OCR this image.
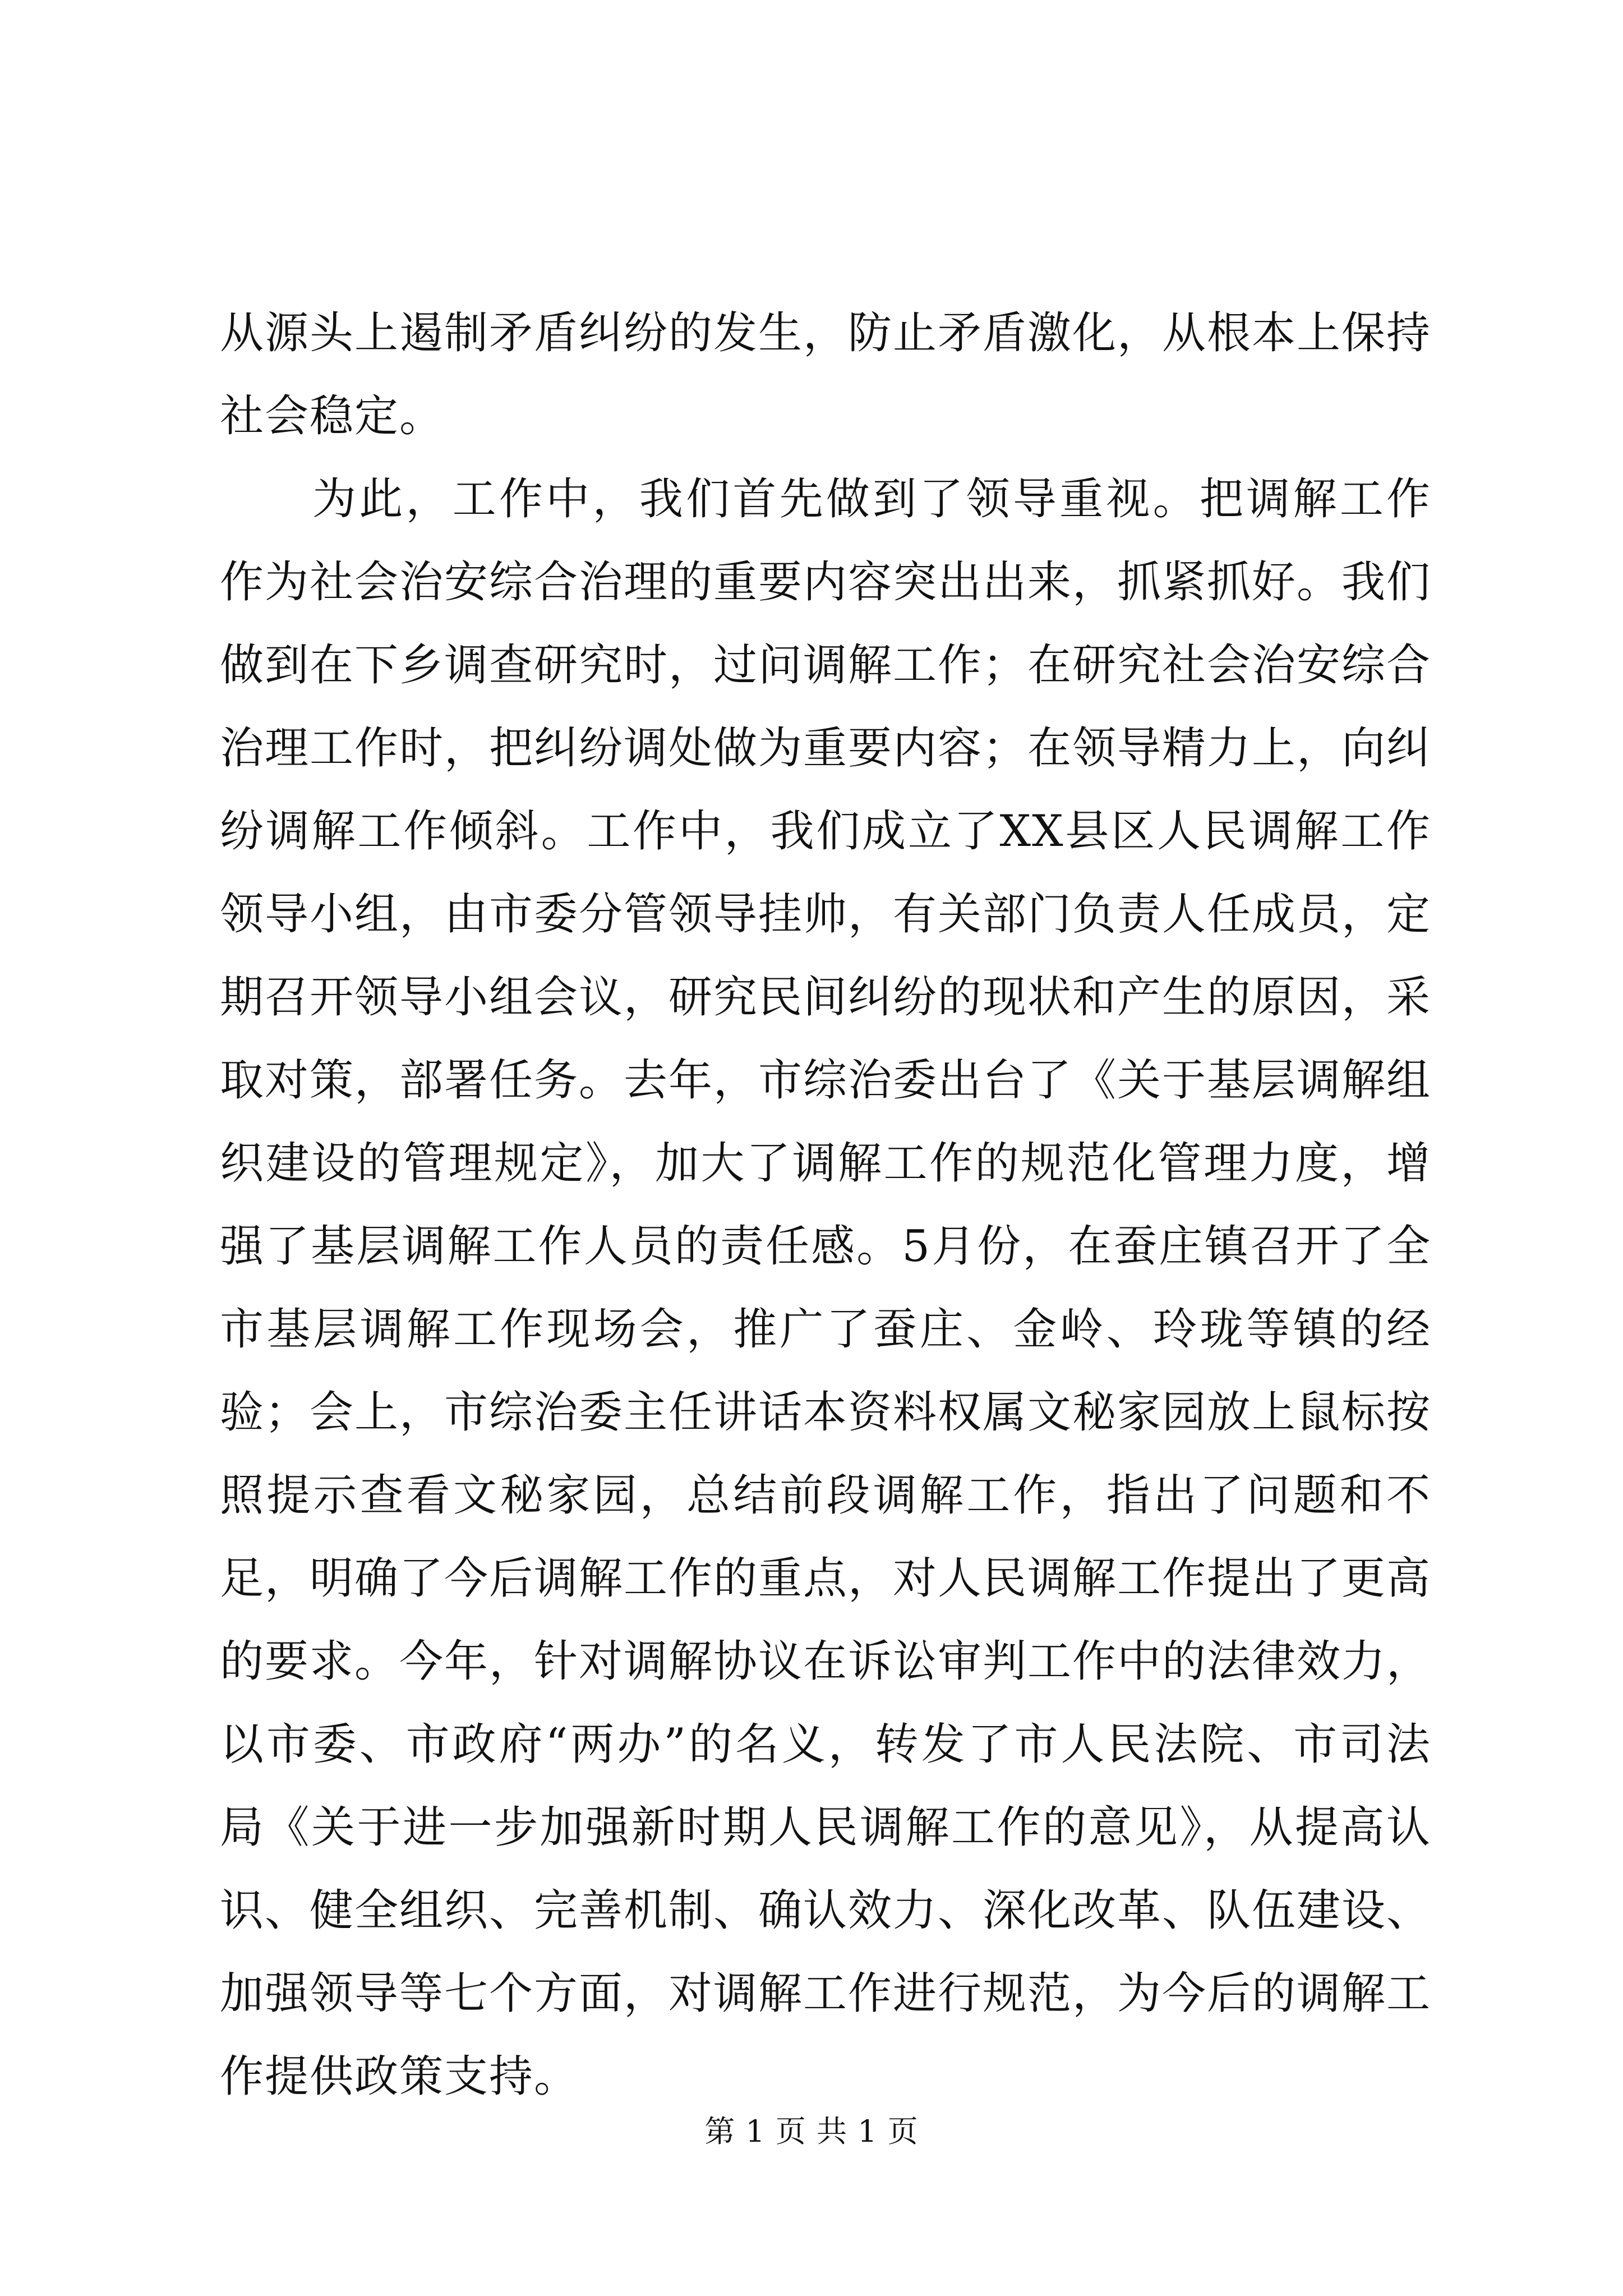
从源头上遏制矛盾纠纷的发生，防止矛盾激化，从根本上保持社会稳定。

为此，工作中，我们首先做到了领导重视。把调解工作作为社会治安综合治理的重要内容突出出来，抓紧抓好。我们做到在下乡调查研究时，过问调解工作；在研究社会治安综合治理工作时，把纠纷调处做为重要内容；在领导精力上，向纠纷调解工作倾斜。工作中，我们成立了XX县区人民调解工作领导小组，由市委分管领导挂帅，有关部门负责人任成员，定期召开领导小组会议，研究民间纠纷的现状和产生的原因，采取对策，部署任务。去年，市综治委出台了《关于基层调解组织建设的管理规定》，加大了调解工作的规范化管理力度，增强了基层调解工作人员的责任感。5月份，在蚕庄镇召开了全市基层调解工作现场会，推广了蚕庄、金岭、玲珑等镇的经验；会上，市综治委主任讲话本资料权属文秘家园放上鼠标按照提示查看文秘家园，总结前段调解工作，指出了问题和不足，明确了今后调解工作的重点，对人民调解工作提出了更高的要求。今年，针对调解协议在诉讼审判工作中的法律效力，以市委、市政府“两办”的名义，转发了市人民法院、市司法局《关于进一步加强新时期人民调解工作的意见》，从提高认识、健全组织、完善机制、确认效力、深化改革、队伍建设、加强领导等七个方面，对调解工作进行规范，为今后的调解工作提供政策支持。

第 1 页 共 1 页
